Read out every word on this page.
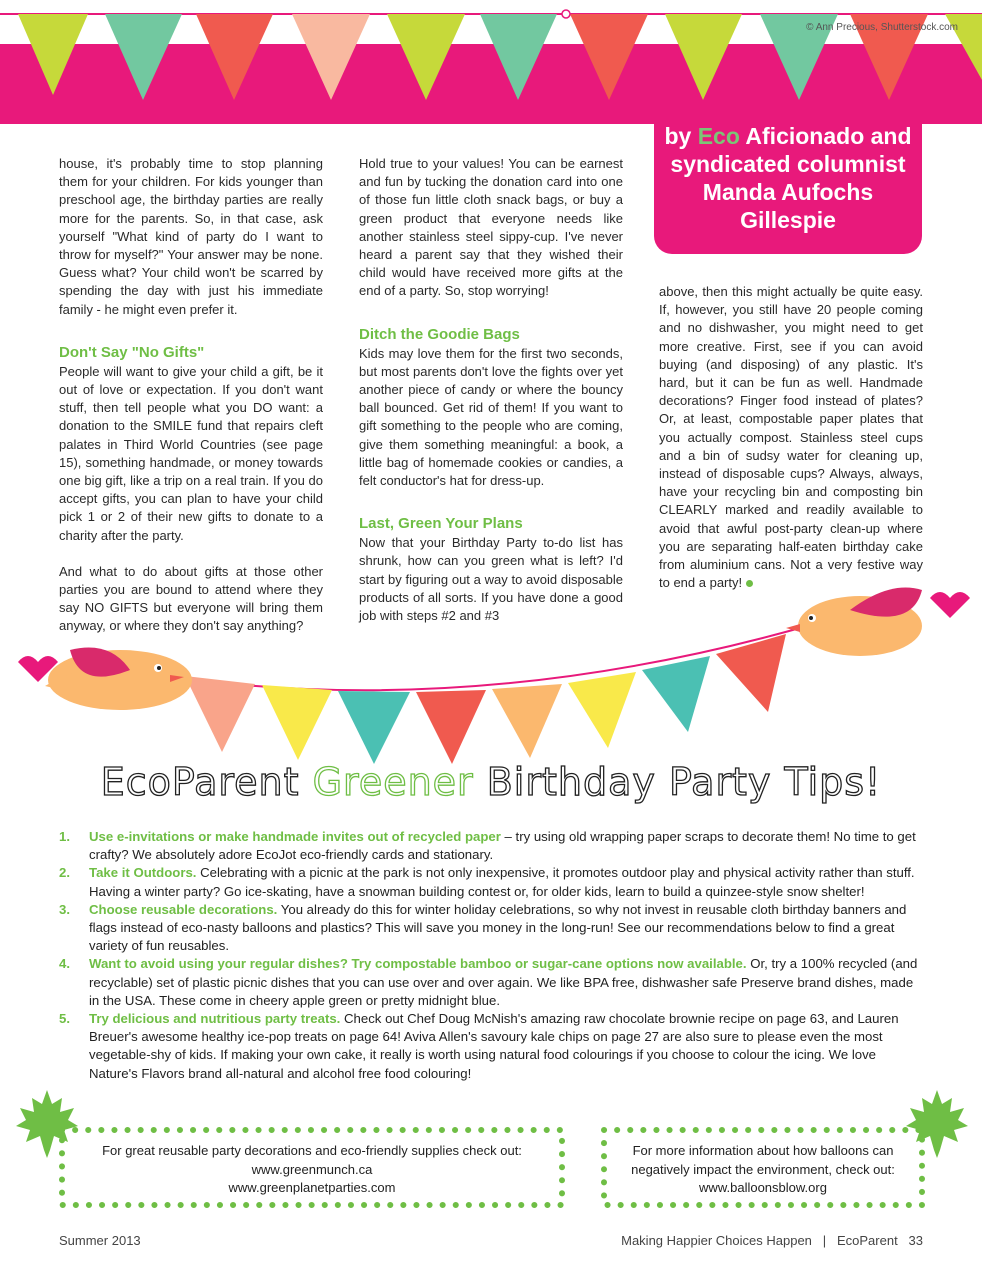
© Ann Precious, Shutterstock.com
by Eco Aficionado and syndicated columnist Manda Aufochs Gillespie

house, it's probably time to stop planning them for your children. For kids younger than preschool age, the birthday parties are really more for the parents. So, in that case, ask yourself "What kind of party do I want to throw for myself?" Your answer may be none. Guess what? Your child won't be scarred by spending the day with just his immediate family - he might even prefer it.

Don't Say "No Gifts"

People will want to give your child a gift, be it out of love or expectation. If you don't want stuff, then tell people what you DO want: a donation to the SMILE fund that repairs cleft palates in Third World Countries (see page 15), something handmade, or money towards one big gift, like a trip on a real train. If you do accept gifts, you can plan to have your child pick 1 or 2 of their new gifts to donate to a charity after the party.

And what to do about gifts at those other parties you are bound to attend where they say NO GIFTS but everyone will bring them anyway, or where they don't say anything?

Hold true to your values! You can be earnest and fun by tucking the donation card into one of those fun little cloth snack bags, or buy a green product that everyone needs like another stainless steel sippy-cup. I've never heard a parent say that they wished their child would have received more gifts at the end of a party. So, stop worrying!

Ditch the Goodie Bags

Kids may love them for the first two seconds, but most parents don't love the fights over yet another piece of candy or where the bouncy ball bounced. Get rid of them! If you want to gift something to the people who are coming, give them something meaningful: a book, a little bag of homemade cookies or candies, a felt conductor's hat for dress-up.

Last, Green Your Plans

Now that your Birthday Party to-do list has shrunk, how can you green what is left? I'd start by figuring out a way to avoid disposable products of all sorts. If you have done a good job with steps #2 and #3

above, then this might actually be quite easy. If, however, you still have 20 people coming and no dishwasher, you might need to get more creative. First, see if you can avoid buying (and disposing) of any plastic. It's hard, but it can be fun as well. Handmade decorations? Finger food instead of plates? Or, at least, compostable paper plates that you actually compost. Stainless steel cups and a bin of sudsy water for cleaning up, instead of disposable cups? Always, always, have your recycling bin and composting bin CLEARLY marked and readily available to avoid that awful post-party clean-up where you are separating half-eaten birthday cake from aluminium cans. Not a very festive way to end a party!

EcoParent Greener Birthday Party Tips!
1. Use e-invitations or make handmade invites out of recycled paper – try using old wrapping paper scraps to decorate them! No time to get crafty? We absolutely adore EcoJot eco-friendly cards and stationary.
2. Take it Outdoors. Celebrating with a picnic at the park is not only inexpensive, it promotes outdoor play and physical activity rather than stuff. Having a winter party? Go ice-skating, have a snowman building contest or, for older kids, learn to build a quinzee-style snow shelter!
3. Choose reusable decorations. You already do this for winter holiday celebrations, so why not invest in reusable cloth birthday banners and flags instead of eco-nasty balloons and plastics? This will save you money in the long-run! See our recommendations below to find a great variety of fun reusables.
4. Want to avoid using your regular dishes? Try compostable bamboo or sugar-cane options now available. Or, try a 100% recycled (and recyclable) set of plastic picnic dishes that you can use over and over again. We like BPA free, dishwasher safe Preserve brand dishes, made in the USA. These come in cheery apple green or pretty midnight blue.
5. Try delicious and nutritious party treats. Check out Chef Doug McNish's amazing raw chocolate brownie recipe on page 63, and Lauren Breuer's awesome healthy ice-pop treats on page 64! Aviva Allen's savoury kale chips on page 27 are also sure to please even the most vegetable-shy of kids. If making your own cake, it really is worth using natural food colourings if you choose to colour the icing. We love Nature's Flavors brand all-natural and alcohol free food colouring!
For great reusable party decorations and eco-friendly supplies check out:
www.greenmunch.ca
www.greenplanetparties.com
For more information about how balloons can negatively impact the environment, check out:
www.balloonsblow.org
Summer 2013	Making Happier Choices Happen | EcoParent 33
